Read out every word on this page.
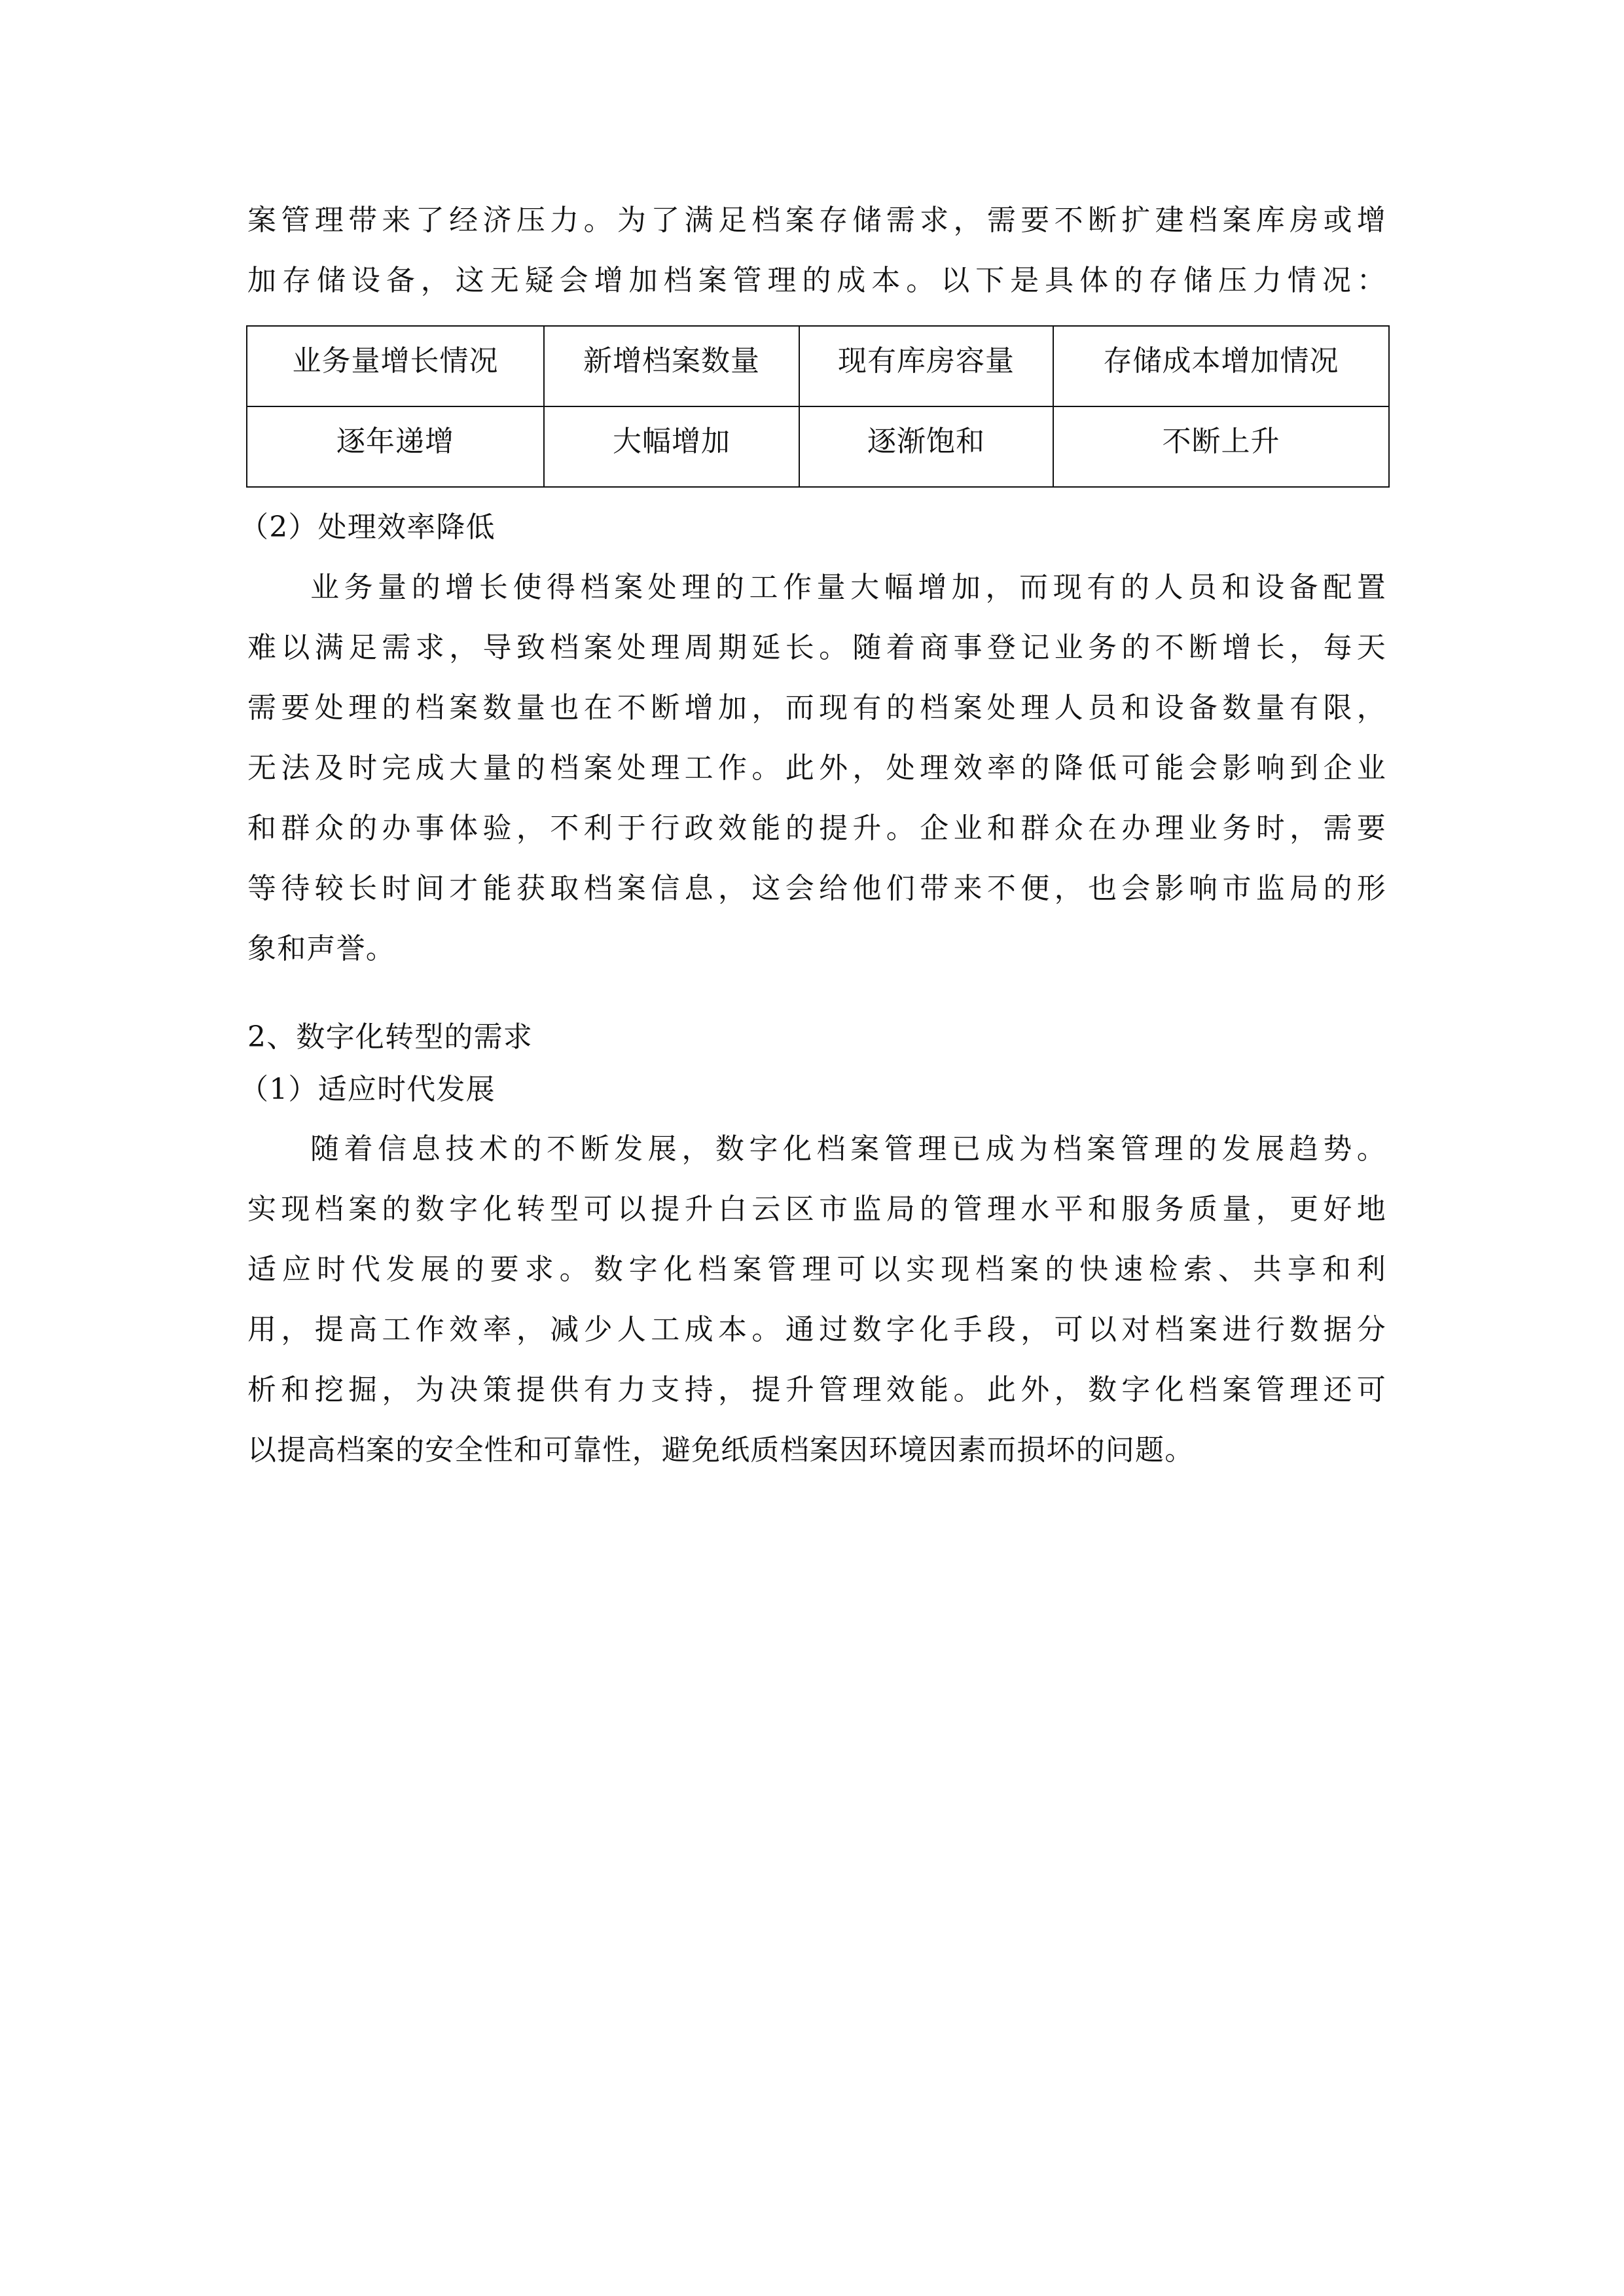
案管理带来了经济压力。为了满足档案存储需求，需要不断扩建档案库房或增
加存储设备，这无疑会增加档案管理的成本。以下是具体的存储压力情况：
业务量增长情况	新增档案数量	现有库房容量	存储成本增加情况
逐年递增	大幅增加	逐渐饱和	不断上升
（2）处理效率降低
业务量的增长使得档案处理的工作量大幅增加，而现有的人员和设备配置
难以满足需求，导致档案处理周期延长。随着商事登记业务的不断增长，每天
需要处理的档案数量也在不断增加，而现有的档案处理人员和设备数量有限，
无法及时完成大量的档案处理工作。此外，处理效率的降低可能会影响到企业
和群众的办事体验，不利于行政效能的提升。企业和群众在办理业务时，需要
等待较长时间才能获取档案信息，这会给他们带来不便，也会影响市监局的形
象和声誉。
2、数字化转型的需求
（1）适应时代发展
随着信息技术的不断发展，数字化档案管理已成为档案管理的发展趋势。
实现档案的数字化转型可以提升白云区市监局的管理水平和服务质量，更好地
适应时代发展的要求。数字化档案管理可以实现档案的快速检索、共享和利
用，提高工作效率，减少人工成本。通过数字化手段，可以对档案进行数据分
析和挖掘，为决策提供有力支持，提升管理效能。此外，数字化档案管理还可
以提高档案的安全性和可靠性，避免纸质档案因环境因素而损坏的问题。
